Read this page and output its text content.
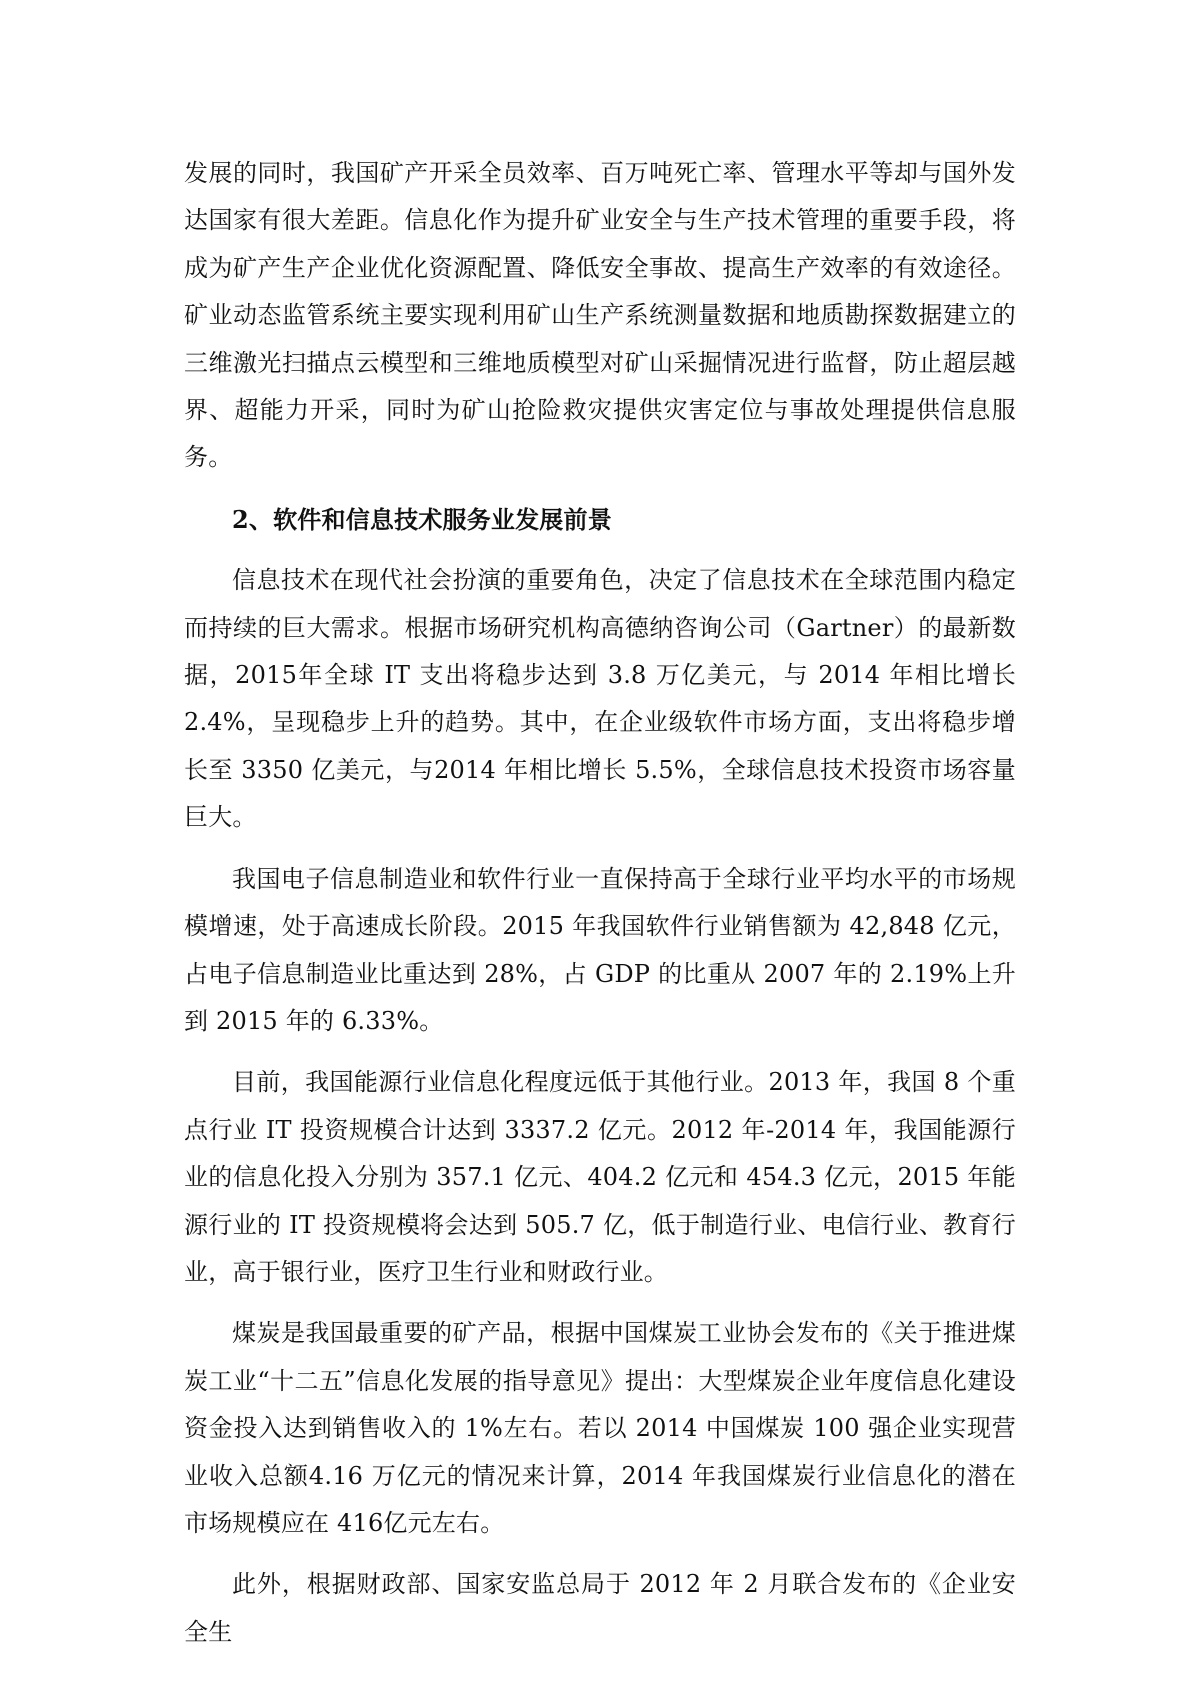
发展的同时，我国矿产开采全员效率、百万吨死亡率、管理水平等却与国外发达国家有很大差距。信息化作为提升矿业安全与生产技术管理的重要手段，将成为矿产生产企业优化资源配置、降低安全事故、提高生产效率的有效途径。矿业动态监管系统主要实现利用矿山生产系统测量数据和地质勘探数据建立的三维激光扫描点云模型和三维地质模型对矿山采掘情况进行监督，防止超层越界、超能力开采，同时为矿山抢险救灾提供灾害定位与事故处理提供信息服务。

2、软件和信息技术服务业发展前景

信息技术在现代社会扮演的重要角色，决定了信息技术在全球范围内稳定而持续的巨大需求。根据市场研究机构高德纳咨询公司（Gartner）的最新数据，2015年全球 IT 支出将稳步达到 3.8 万亿美元，与 2014 年相比增长 2.4%，呈现稳步上升的趋势。其中，在企业级软件市场方面，支出将稳步增长至 3350 亿美元，与2014 年相比增长 5.5%，全球信息技术投资市场容量巨大。

我国电子信息制造业和软件行业一直保持高于全球行业平均水平的市场规模增速，处于高速成长阶段。2015 年我国软件行业销售额为 42,848 亿元，占电子信息制造业比重达到 28%，占 GDP 的比重从 2007 年的 2.19%上升到 2015 年的 6.33%。

目前，我国能源行业信息化程度远低于其他行业。2013 年，我国 8 个重点行业 IT 投资规模合计达到 3337.2 亿元。2012 年-2014 年，我国能源行业的信息化投入分别为 357.1 亿元、404.2 亿元和 454.3 亿元，2015 年能源行业的 IT 投资规模将会达到 505.7 亿，低于制造行业、电信行业、教育行业，高于银行业，医疗卫生行业和财政行业。

煤炭是我国最重要的矿产品，根据中国煤炭工业协会发布的《关于推进煤炭工业“十二五”信息化发展的指导意见》提出：大型煤炭企业年度信息化建设资金投入达到销售收入的 1%左右。若以 2014 中国煤炭 100 强企业实现营业收入总额4.16 万亿元的情况来计算，2014 年我国煤炭行业信息化的潜在市场规模应在 416亿元左右。

此外，根据财政部、国家安监总局于 2012 年 2 月联合发布的《企业安全生
